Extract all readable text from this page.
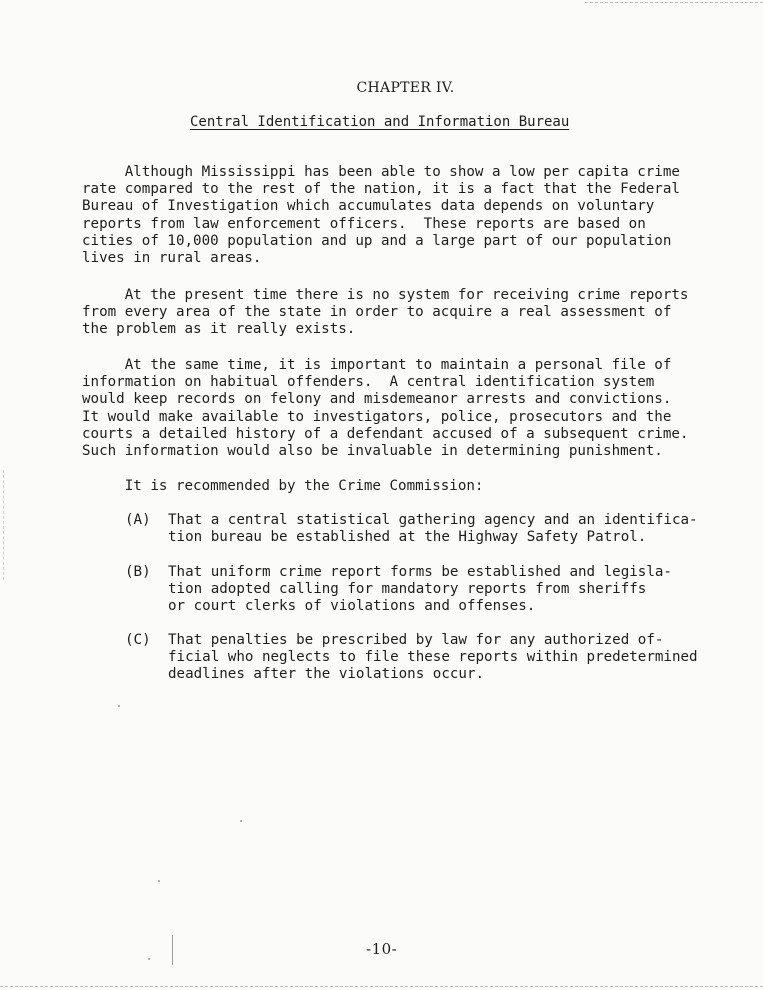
CHAPTER IV.
Central Identification and Information Bureau

Although Mississippi has been able to show a low per capita crime
rate compared to the rest of the nation, it is a fact that the Federal
Bureau of Investigation which accumulates data depends on voluntary
reports from law enforcement officers.  These reports are based on
cities of 10,000 population and up and a large part of our population
lives in rural areas.

At the present time there is no system for receiving crime reports
from every area of the state in order to acquire a real assessment of
the problem as it really exists.

At the same time, it is important to maintain a personal file of
information on habitual offenders.  A central identification system
would keep records on felony and misdemeanor arrests and convictions.
It would make available to investigators, police, prosecutors and the
courts a detailed history of a defendant accused of a subsequent crime.
Such information would also be invaluable in determining punishment.

It is recommended by the Crime Commission:

(A) That a central statistical gathering agency and an identifica-
tion bureau be established at the Highway Safety Patrol.
(B) That uniform crime report forms be established and legisla-
tion adopted calling for mandatory reports from sheriffs
or court clerks of violations and offenses.
(C) That penalties be prescribed by law for any authorized of-
ficial who neglects to file these reports within predetermined
deadlines after the violations occur.
-10-
